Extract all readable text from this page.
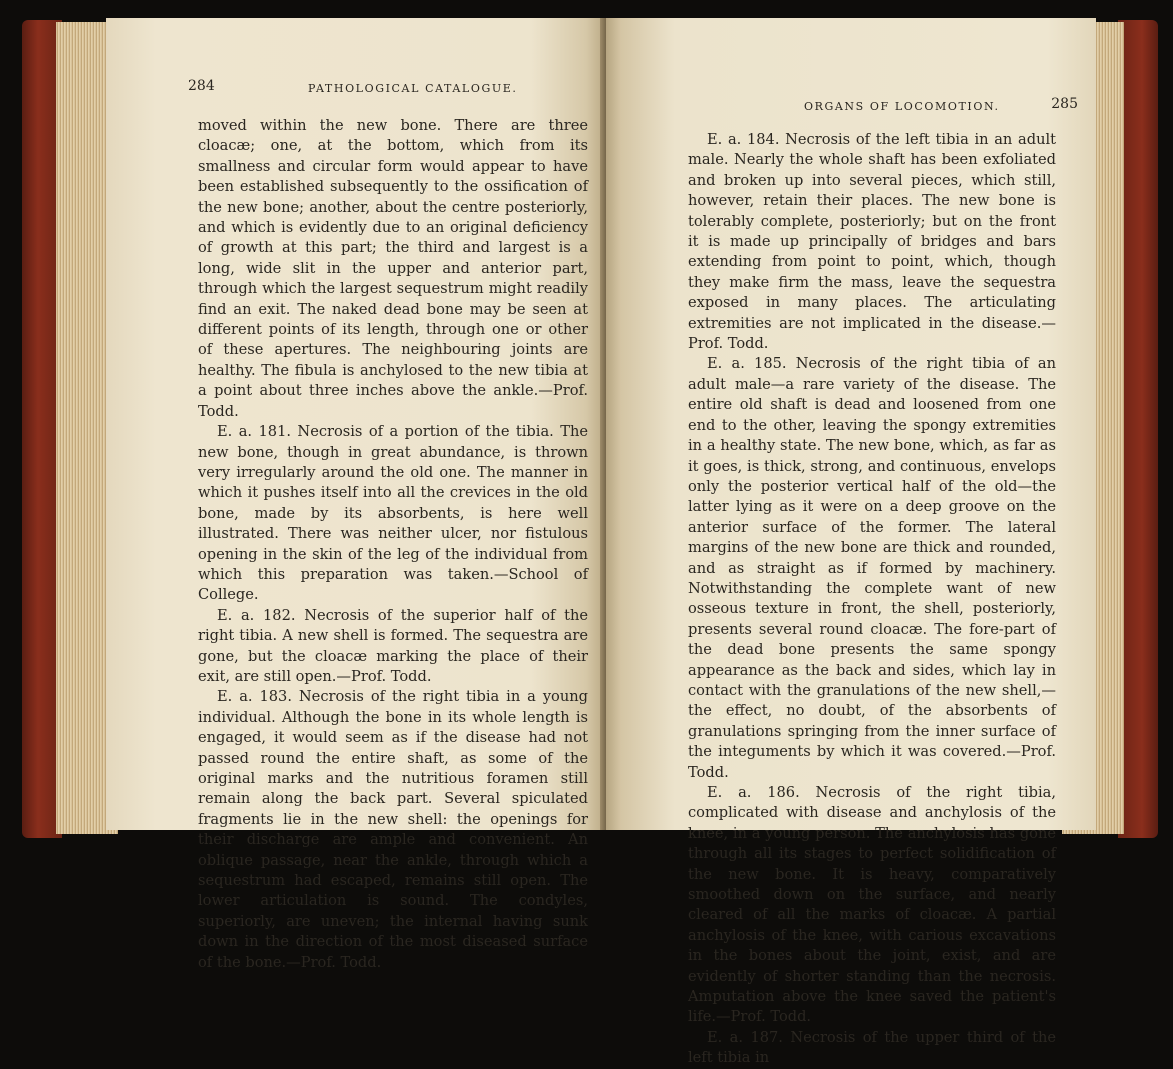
284	PATHOLOGICAL CATALOGUE.

moved within the new bone. There are three cloacæ; one, at the bottom, which from its smallness and circular form would appear to have been established subsequently to the ossification of the new bone; another, about the centre posteriorly, and which is evidently due to an original deficiency of growth at this part; the third and largest is a long, wide slit in the upper and anterior part, through which the largest sequestrum might readily find an exit. The naked dead bone may be seen at different points of its length, through one or other of these apertures. The neighbouring joints are healthy. The fibula is anchylosed to the new tibia at a point about three inches above the ankle.—Prof. Todd.

E. a. 181. Necrosis of a portion of the tibia. The new bone, though in great abundance, is thrown very irregularly around the old one. The manner in which it pushes itself into all the crevices in the old bone, made by its absorbents, is here well illustrated. There was neither ulcer, nor fistulous opening in the skin of the leg of the individual from which this preparation was taken.—School of College.

E. a. 182. Necrosis of the superior half of the right tibia. A new shell is formed. The sequestra are gone, but the cloacæ marking the place of their exit, are still open.—Prof. Todd.

E. a. 183. Necrosis of the right tibia in a young individual. Although the bone in its whole length is engaged, it would seem as if the disease had not passed round the entire shaft, as some of the original marks and the nutritious foramen still remain along the back part. Several spiculated fragments lie in the new shell: the openings for their discharge are ample and convenient. An oblique passage, near the ankle, through which a sequestrum had escaped, remains still open. The lower articulation is sound. The condyles, superiorly, are uneven; the internal having sunk down in the direction of the most diseased surface of the bone.—Prof. Todd.

ORGANS OF LOCOMOTION.	285

E. a. 184. Necrosis of the left tibia in an adult male. Nearly the whole shaft has been exfoliated and broken up into several pieces, which still, however, retain their places. The new bone is tolerably complete, posteriorly; but on the front it is made up principally of bridges and bars extending from point to point, which, though they make firm the mass, leave the sequestra exposed in many places. The articulating extremities are not implicated in the disease.—Prof. Todd.

E. a. 185. Necrosis of the right tibia of an adult male—a rare variety of the disease. The entire old shaft is dead and loosened from one end to the other, leaving the spongy extremities in a healthy state. The new bone, which, as far as it goes, is thick, strong, and continuous, envelops only the posterior vertical half of the old—the latter lying as it were on a deep groove on the anterior surface of the former. The lateral margins of the new bone are thick and rounded, and as straight as if formed by machinery. Notwithstanding the complete want of new osseous texture in front, the shell, posteriorly, presents several round cloacæ. The fore-part of the dead bone presents the same spongy appearance as the back and sides, which lay in contact with the granulations of the new shell,—the effect, no doubt, of the absorbents of granulations springing from the inner surface of the integuments by which it was covered.—Prof. Todd.

E. a. 186. Necrosis of the right tibia, complicated with disease and anchylosis of the knee, in a young person. The anchylosis has gone through all its stages to perfect solidification of the new bone. It is heavy, comparatively smoothed down on the surface, and nearly cleared of all the marks of cloacæ. A partial anchylosis of the knee, with carious excavations in the bones about the joint, exist, and are evidently of shorter standing than the necrosis. Amputation above the knee saved the patient's life.—Prof. Todd.

E. a. 187. Necrosis of the upper third of the left tibia in
